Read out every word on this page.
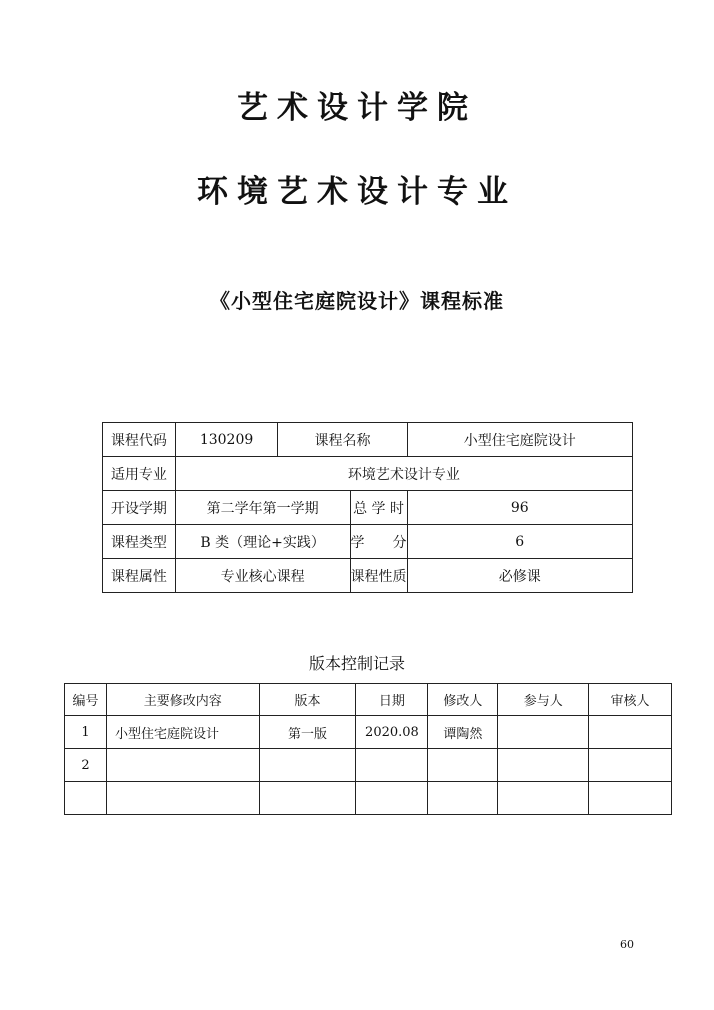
艺术设计学院
环境艺术设计专业
《小型住宅庭院设计》课程标准
课程代码	130209	课程名称		小型住宅庭院设计
适用专业	环境艺术设计专业			
开设学期	第二学年第一学期		总 学 时	96
课程类型	B 类（理论+实践）		学　　分	6
课程属性	专业核心课程		课程性质	必修课

版本控制记录

编号	主要修改内容	版本	日期	修改人	参与人	审核人
1	小型住宅庭院设计	第一版	2020.08	谭陶然		
2						

60
